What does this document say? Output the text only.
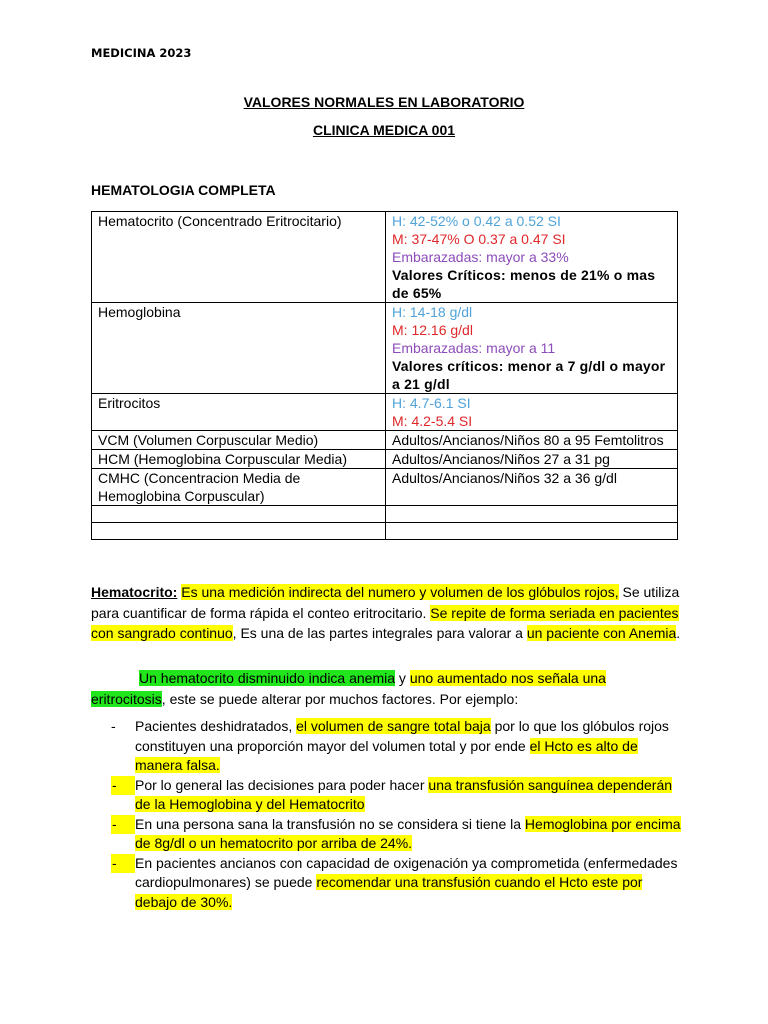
MEDICINA 2023
VALORES NORMALES EN LABORATORIO
CLINICA MEDICA 001
HEMATOLOGIA COMPLETA
Hematocrito (Concentrado Eritrocitario)	H: 42-52% o 0.42 a 0.52 SI
M: 37-47% O 0.37 a 0.47 SI
Embarazadas: mayor a 33%
Valores Críticos: menos de 21% o mas de 65%

Hemoglobina	H: 14-18 g/dl
M: 12.16 g/dl
Embarazadas: mayor a 11
Valores críticos: menor a 7 g/dl o mayor a 21 g/dl

Eritrocitos	H: 4.7-6.1 SI
M: 4.2-5.4 SI

VCM (Volumen Corpuscular Medio)	Adultos/Ancianos/Niños 80 a 95 Femtolitros
HCM (Hemoglobina Corpuscular Media)	Adultos/Ancianos/Niños 27 a 31 pg
CMHC (Concentracion Media de Hemoglobina Corpuscular)	Adultos/Ancianos/Niños 32 a 36 g/dl

Hematocrito: Es una medición indirecta del numero y volumen de los glóbulos rojos, Se utiliza para cuantificar de forma rápida el conteo eritrocitario. Se repite de forma seriada en pacientes con sangrado continuo, Es una de las partes integrales para valorar a un paciente con Anemia.
Un hematocrito disminuido indica anemia y uno aumentado nos señala una eritrocitosis, este se puede alterar por muchos factores. Por ejemplo:
-	Pacientes deshidratados, el volumen de sangre total baja por lo que los glóbulos rojos constituyen una proporción mayor del volumen total y por ende el Hcto es alto de manera falsa.
-	Por lo general las decisiones para poder hacer una transfusión sanguínea dependerán de la Hemoglobina y del Hematocrito
-	En una persona sana la transfusión no se considera si tiene la Hemoglobina por encima de 8g/dl o un hematocrito por arriba de 24%.
-	En pacientes ancianos con capacidad de oxigenación ya comprometida (enfermedades cardiopulmonares) se puede recomendar una transfusión cuando el Hcto este por debajo de 30%.
